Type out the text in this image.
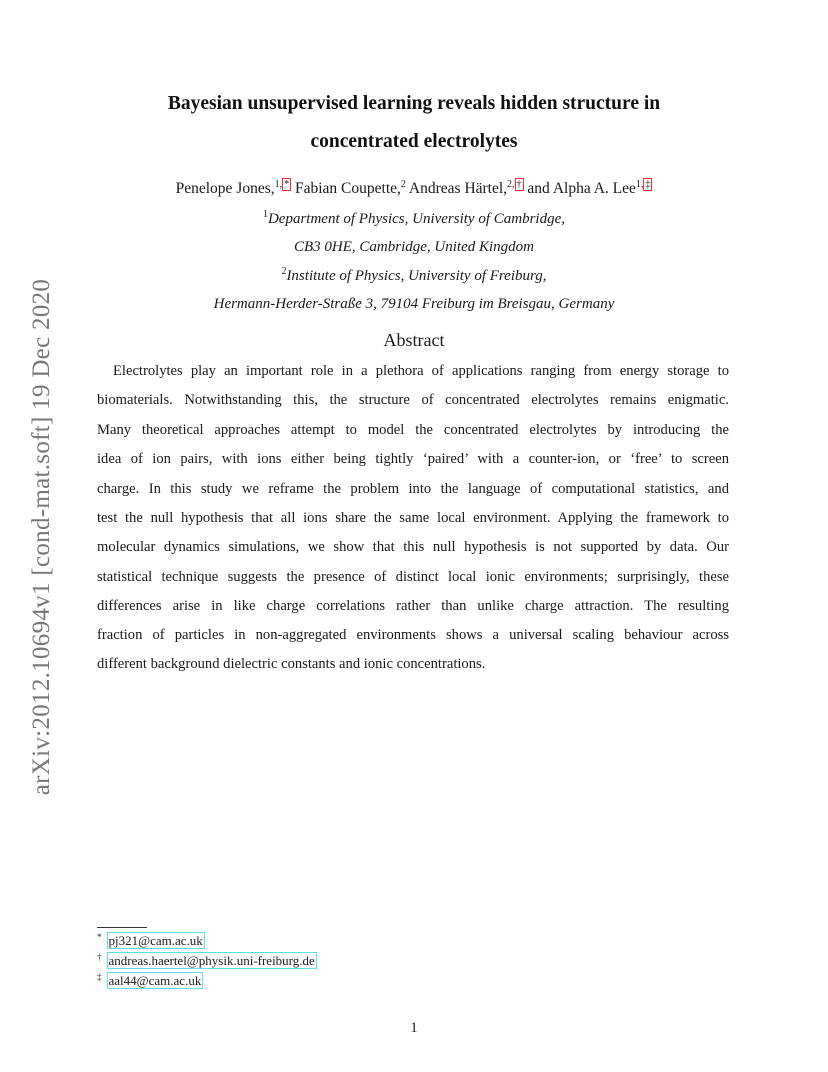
arXiv:2012.10694v1 [cond-mat.soft] 19 Dec 2020
Bayesian unsupervised learning reveals hidden structure in
concentrated electrolytes
Penelope Jones,$^{1, *}$ Fabian Coupette,$^2$ Andreas Härtel,$^{2, \dagger}$ and Alpha A. Lee$^{1, \ddagger}$
$^1$Department of Physics, University of Cambridge,
CB3 0HE, Cambridge, United Kingdom
$^2$Institute of Physics, University of Freiburg,
Hermann-Herder-Straße 3, 79104 Freiburg im Breisgau, Germany
Abstract
Electrolytes play an important role in a plethora of applications ranging from energy storage to
biomaterials. Notwithstanding this, the structure of concentrated electrolytes remains enigmatic.
Many theoretical approaches attempt to model the concentrated electrolytes by introducing the
idea of ion pairs, with ions either being tightly ‘paired’ with a counter-ion, or ‘free’ to screen
charge. In this study we reframe the problem into the language of computational statistics, and
test the null hypothesis that all ions share the same local environment. Applying the framework to
molecular dynamics simulations, we show that this null hypothesis is not supported by data. Our
statistical technique suggests the presence of distinct local ionic environments; surprisingly, these
differences arise in like charge correlations rather than unlike charge attraction. The resulting
fraction of particles in non-aggregated environments shows a universal scaling behaviour across
different background dielectric constants and ionic concentrations.
* pj321@cam.ac.uk
† andreas.haertel@physik.uni-freiburg.de
‡ aal44@cam.ac.uk
1
